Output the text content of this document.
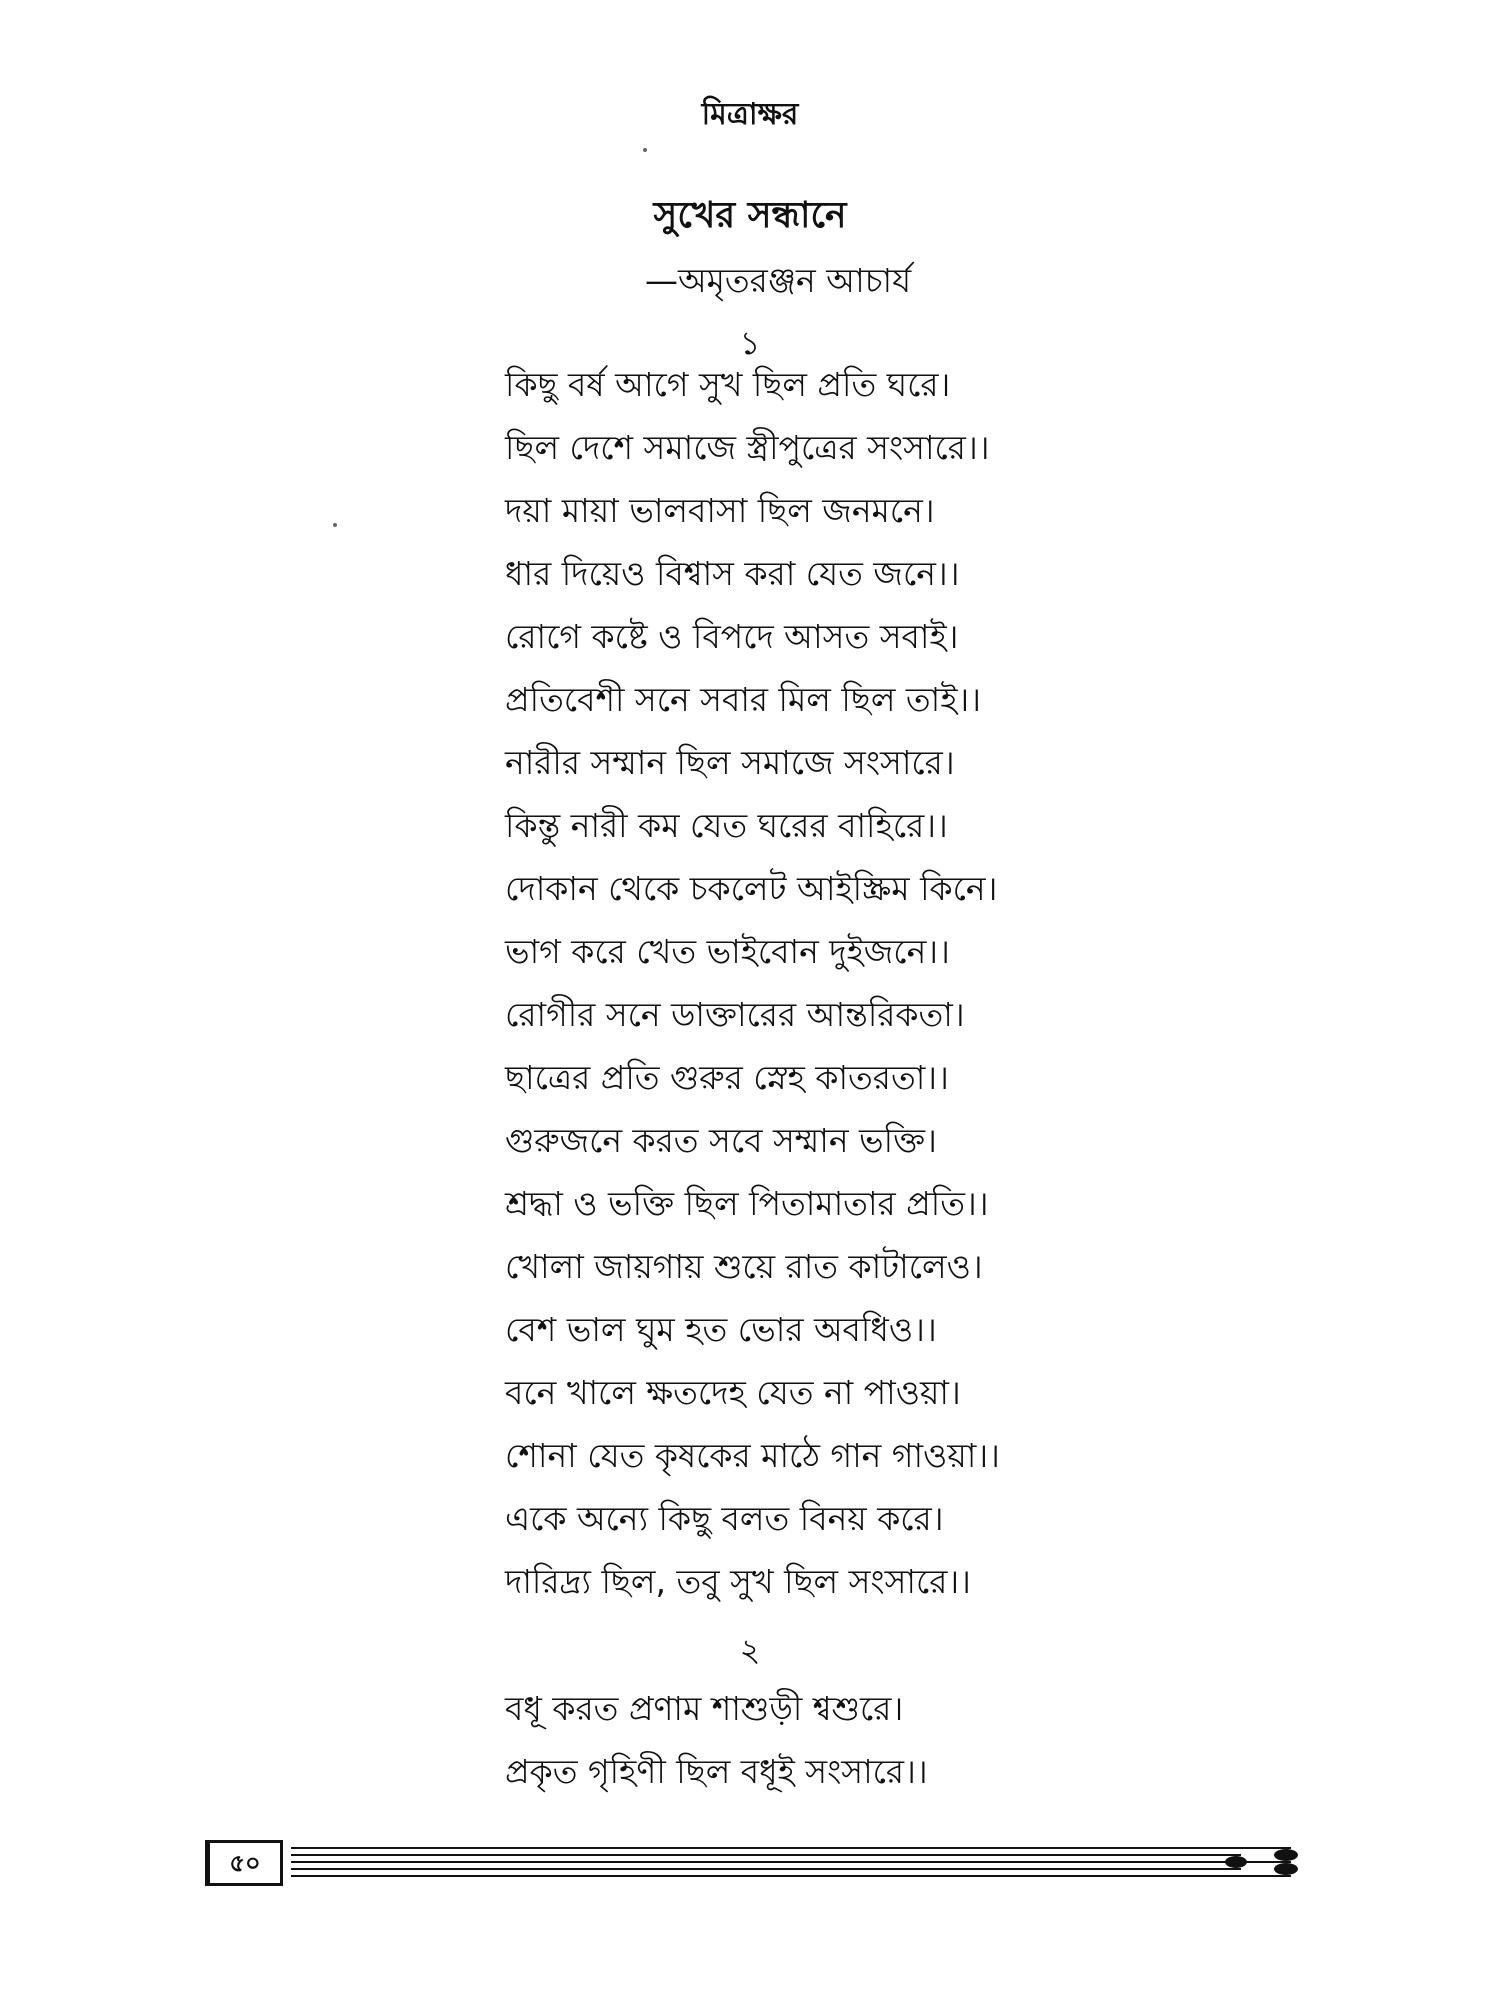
মিত্রাক্ষর
সুখের সন্ধানে
—অমৃতরঞ্জন আচার্য
১
কিছু বর্ষ আগে সুখ ছিল প্রতি ঘরে।
ছিল দেশে সমাজে স্ত্রীপুত্রের সংসারে।।
দয়া মায়া ভালবাসা ছিল জনমনে।
ধার দিয়েও বিশ্বাস করা যেত জনে।।
রোগে কষ্টে ও বিপদে আসত সবাই।
প্রতিবেশী সনে সবার মিল ছিল তাই।।
নারীর সম্মান ছিল সমাজে সংসারে।
কিন্তু নারী কম যেত ঘরের বাহিরে।।
দোকান থেকে চকলেট আইস্ক্রিম কিনে।
ভাগ করে খেত ভাইবোন দুইজনে।।
রোগীর সনে ডাক্তারের আন্তরিকতা।
ছাত্রের প্রতি গুরুর স্নেহ কাতরতা।।
গুরুজনে করত সবে সম্মান ভক্তি।
শ্রদ্ধা ও ভক্তি ছিল পিতামাতার প্রতি।।
খোলা জায়গায় শুয়ে রাত কাটালেও।
বেশ ভাল ঘুম হত ভোর অবধিও।।
বনে খালে ক্ষতদেহ যেত না পাওয়া।
শোনা যেত কৃষকের মাঠে গান গাওয়া।।
একে অন্যে কিছু বলত বিনয় করে।
দারিদ্র্য ছিল, তবু সুখ ছিল সংসারে।।
২
বধূ করত প্রণাম শাশুড়ী শ্বশুরে।
প্রকৃত গৃহিণী ছিল বধূই সংসারে।।
৫০
